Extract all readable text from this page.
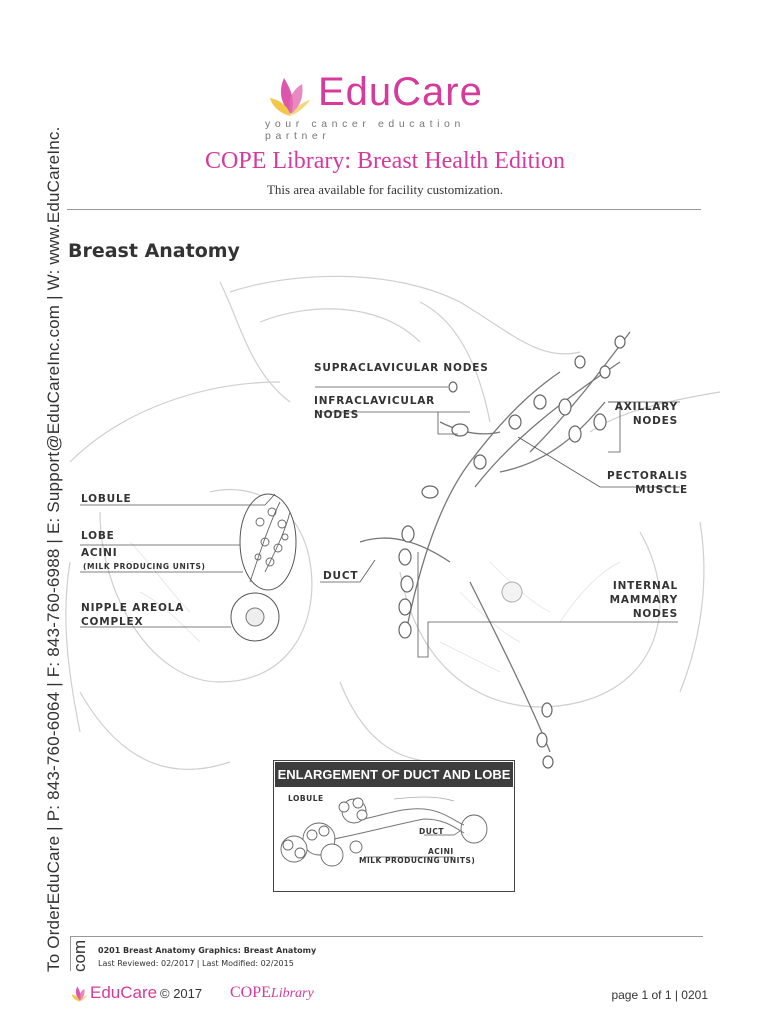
To OrderEduCare | P: 843-760-6064 | F: 843-760-6988 | E: Support@EduCareInc.com | W: www.EduCareInc. com
EduCare
your cancer education partner
COPE Library: Breast Health Edition
This area available for facility customization.
Breast Anatomy
SUPRACLAVICULAR NODES
INFRACLAVICULAR NODES
AXILLARY NODES
PECTORALIS MUSCLE
LOBULE
LOBE
ACINI
(MILK PRODUCING UNITS)
DUCT
INTERNAL MAMMARY NODES
NIPPLE AREOLA COMPLEX
ENLARGEMENT OF DUCT AND LOBE
LOBULE
DUCT
ACINI
MILK PRODUCING UNITS)
0201 Breast Anatomy Graphics: Breast Anatomy
Last Reviewed: 02/2017 | Last Modified: 02/2015
EduCare © 2017 COPELibrary	page 1 of 1 | 0201
